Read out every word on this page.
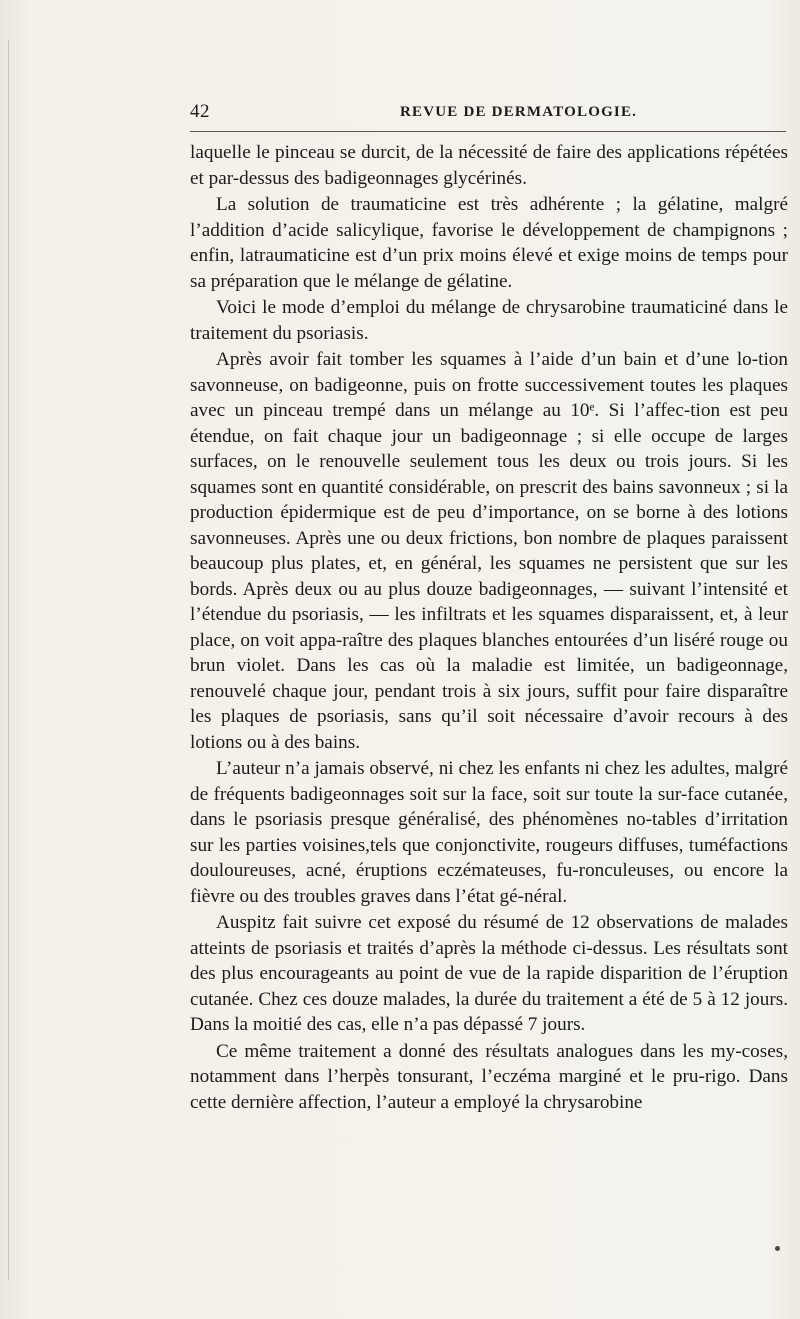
42	REVUE DE DERMATOLOGIE.

laquelle le pinceau se durcit, de la nécessité de faire des applications répétées et par-dessus des badigeonnages glycérinés.

La solution de traumaticine est très adhérente ; la gélatine, malgré l’addition d’acide salicylique, favorise le développement de champignons ; enfin, latraumaticine est d’un prix moins élevé et exige moins de temps pour sa préparation que le mélange de gélatine.

Voici le mode d’emploi du mélange de chrysarobine traumaticiné dans le traitement du psoriasis.

Après avoir fait tomber les squames à l’aide d’un bain et d’une lo-tion savonneuse, on badigeonne, puis on frotte successivement toutes les plaques avec un pinceau trempé dans un mélange au 10ᵉ. Si l’affec-tion est peu étendue, on fait chaque jour un badigeonnage ; si elle occupe de larges surfaces, on le renouvelle seulement tous les deux ou trois jours. Si les squames sont en quantité considérable, on prescrit des bains savonneux ; si la production épidermique est de peu d’importance, on se borne à des lotions savonneuses. Après une ou deux frictions, bon nombre de plaques paraissent beaucoup plus plates, et, en général, les squames ne persistent que sur les bords. Après deux ou au plus douze badigeonnages, — suivant l’intensité et l’étendue du psoriasis, — les infiltrats et les squames disparaissent, et, à leur place, on voit appa-raître des plaques blanches entourées d’un liséré rouge ou brun violet. Dans les cas où la maladie est limitée, un badigeonnage, renouvelé chaque jour, pendant trois à six jours, suffit pour faire disparaître les plaques de psoriasis, sans qu’il soit nécessaire d’avoir recours à des lotions ou à des bains.

L’auteur n’a jamais observé, ni chez les enfants ni chez les adultes, malgré de fréquents badigeonnages soit sur la face, soit sur toute la sur-face cutanée, dans le psoriasis presque généralisé, des phénomènes no-tables d’irritation sur les parties voisines,tels que conjonctivite, rougeurs diffuses, tuméfactions douloureuses, acné, éruptions eczémateuses, fu-ronculeuses, ou encore la fièvre ou des troubles graves dans l’état gé-néral.

Auspitz fait suivre cet exposé du résumé de 12 observations de malades atteints de psoriasis et traités d’après la méthode ci-dessus. Les résultats sont des plus encourageants au point de vue de la rapide disparition de l’éruption cutanée. Chez ces douze malades, la durée du traitement a été de 5 à 12 jours. Dans la moitié des cas, elle n’a pas dépassé 7 jours.

Ce même traitement a donné des résultats analogues dans les my-coses, notamment dans l’herpès tonsurant, l’eczéma marginé et le pru-rigo. Dans cette dernière affection, l’auteur a employé la chrysarobine
